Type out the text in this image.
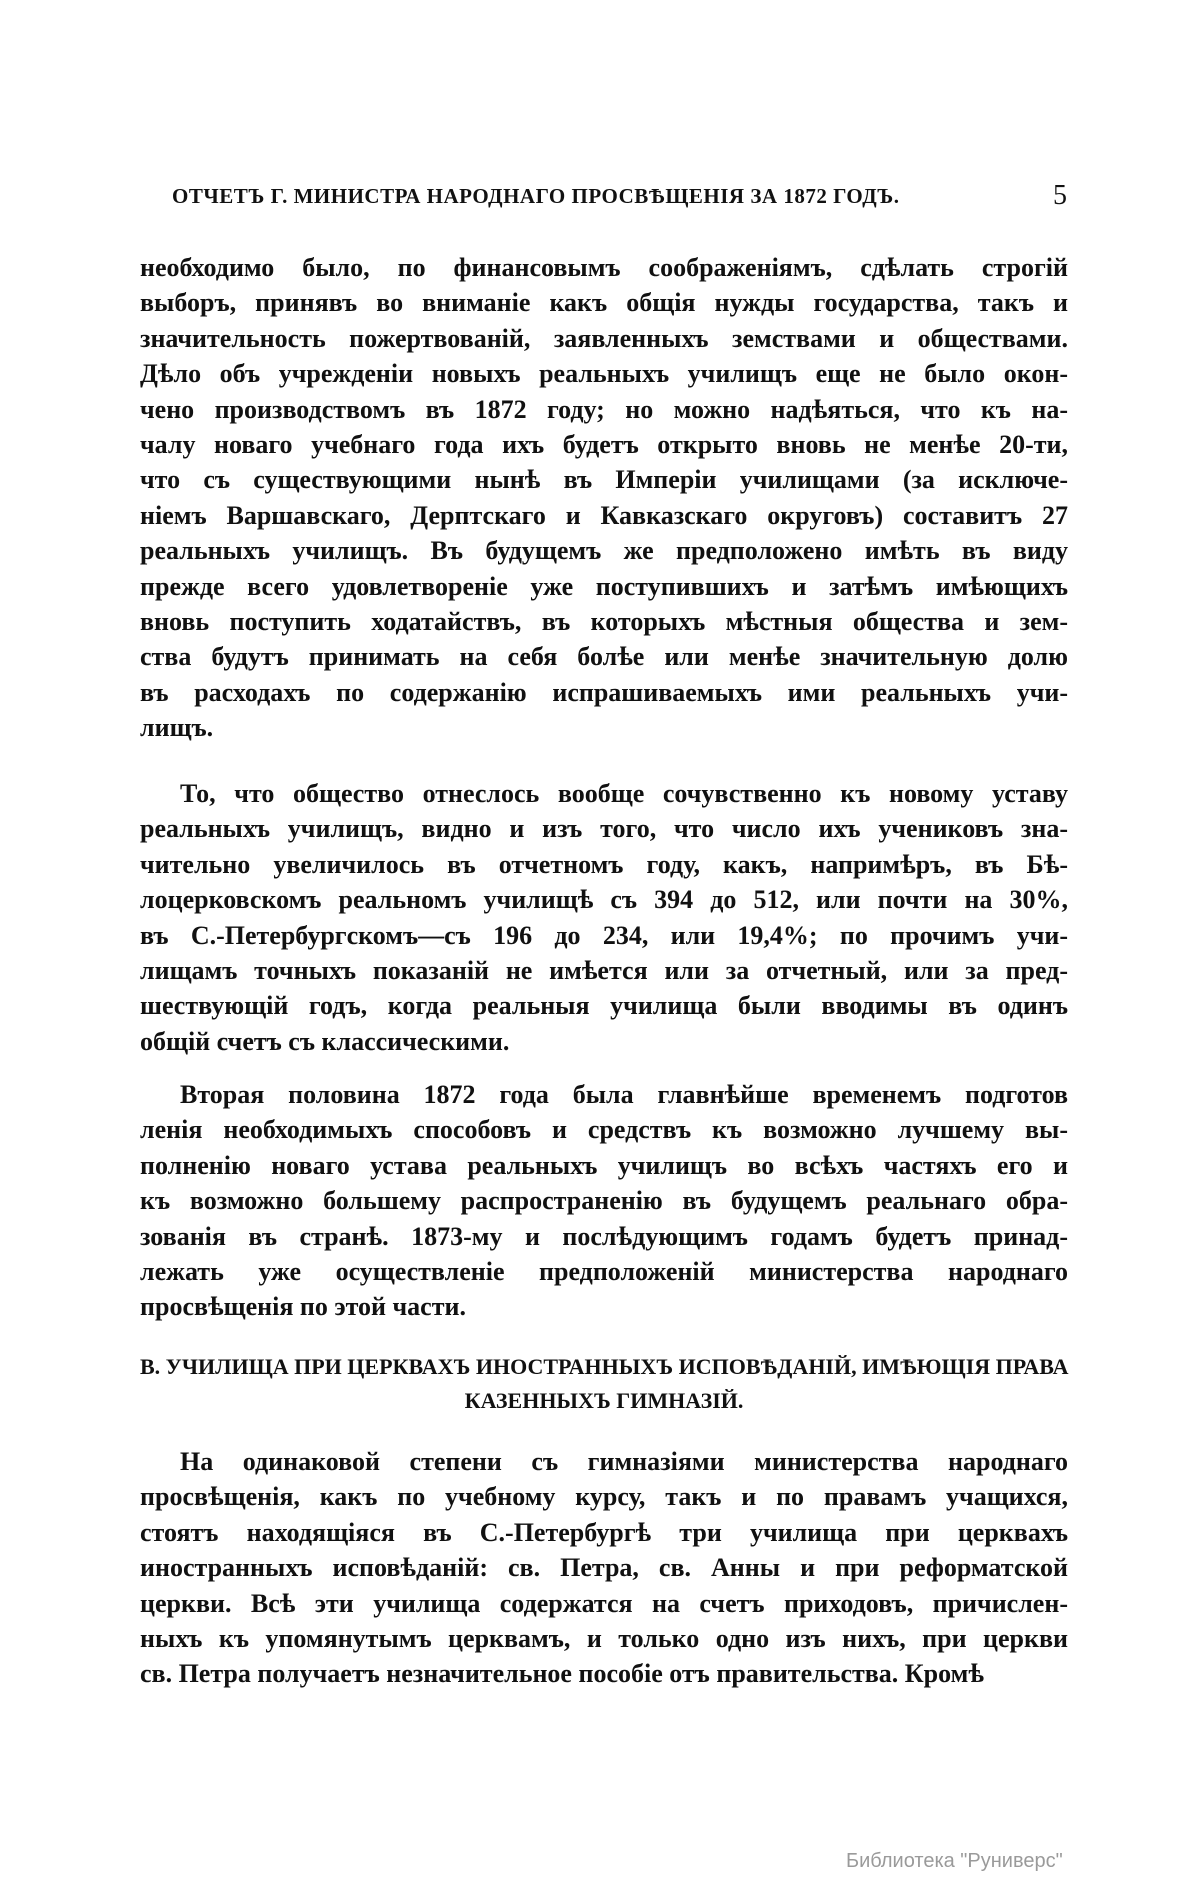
ОТЧЕТЪ Г. МИНИСТРА НАРОДНАГО ПРОСВѢЩЕНІЯ ЗА 1872 ГОДЪ.	5
необходимо было, по финансовымъ соображеніямъ, сдѣлать строгій
выборъ, принявъ во вниманіе какъ общія нужды государства, такъ и
значительность пожертвованій, заявленныхъ земствами и обществами.
Дѣло объ учрежденіи новыхъ реальныхъ училищъ еще не было окон-
чено производствомъ въ 1872 году; но можно надѣяться, что къ на-
чалу новаго учебнаго года ихъ будетъ открыто вновь не менѣе 20-ти,
что съ существующими нынѣ въ Имперіи училищами (за исключе-
ніемъ Варшавскаго, Дерптскаго и Кавказскаго округовъ) составитъ 27
реальныхъ училищъ. Въ будущемъ же предположено имѣть въ виду
прежде всего удовлетвореніе уже поступившихъ и затѣмъ имѣющихъ
вновь поступить ходатайствъ, въ которыхъ мѣстныя общества и зем-
ства будутъ принимать на себя болѣе или менѣе значительную долю
въ расходахъ по содержанію испрашиваемыхъ ими реальныхъ учи-
лищъ.
То, что общество отнеслось вообще сочувственно къ новому уставу
реальныхъ училищъ, видно и изъ того, что число ихъ учениковъ зна-
чительно увеличилось въ отчетномъ году, какъ, напримѣръ, въ Бѣ-
лоцерковскомъ реальномъ училищѣ съ 394 до 512, или почти на 30%,
въ С.-Петербургскомъ—съ 196 до 234, или 19,4%; по прочимъ учи-
лищамъ точныхъ показаній не имѣется или за отчетный, или за пред-
шествующій годъ, когда реальныя училища были вводимы въ одинъ
общій счетъ съ классическими.
Вторая половина 1872 года была главнѣйше временемъ подготов
ленія необходимыхъ способовъ и средствъ къ возможно лучшему вы-
полненію новаго устава реальныхъ училищъ во всѣхъ частяхъ его и
къ возможно большему распространенію въ будущемъ реальнаго обра-
зованія въ странѣ. 1873-му и послѣдующимъ годамъ будетъ принад-
лежать уже осуществленіе предположеній министерства народнаго
просвѣщенія по этой части.
В. УЧИЛИЩА ПРИ ЦЕРКВАХЪ ИНОСТРАННЫХЪ ИСПОВѢДАНІЙ, ИМѢЮЩІЯ ПРАВА
КАЗЕННЫХЪ ГИМНАЗІЙ.
На одинаковой степени съ гимназіями министерства народнаго
просвѣщенія, какъ по учебному курсу, такъ и по правамъ учащихся,
стоятъ находящіяся въ С.-Петербургѣ три училища при церквахъ
иностранныхъ исповѣданій: св. Петра, св. Анны и при реформатской
церкви. Всѣ эти училища содержатся на счетъ приходовъ, причислен-
ныхъ къ упомянутымъ церквамъ, и только одно изъ нихъ, при церкви
св. Петра получаетъ незначительное пособіе отъ правительства. Кромѣ
Библиотека "Руниверс"
